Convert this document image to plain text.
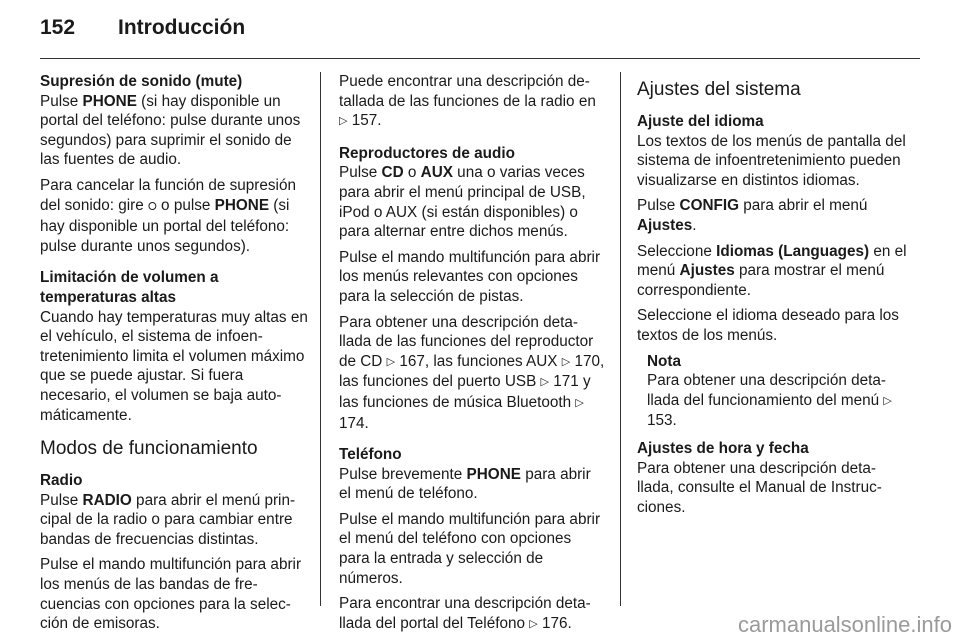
152 Introducción

Supresión de sonido (mute)

Pulse PHONE (si hay disponible un portal del teléfono: pulse durante unos segundos) para suprimir el sonido de las fuentes de audio.

Para cancelar la función de supresión del sonido: gire ⭘ o pulse PHONE (si hay disponible un portal del teléfono: pulse durante unos segundos).

Limitación de volumen a
temperaturas altas

Cuando hay temperaturas muy altas en el vehículo, el sistema de infoentretenimiento limita el volumen máximo que se puede ajustar. Si fuera necesario, el volumen se baja automáticamente.

Modos de funcionamiento

Radio

Pulse RADIO para abrir el menú principal de la radio o para cambiar entre bandas de frecuencias distintas.

Pulse el mando multifunción para abrir los menús de las bandas de frecuencias con opciones para la selección de emisoras.

Puede encontrar una descripción detallada de las funciones de la radio en ▷ 157.

Reproductores de audio

Pulse CD o AUX una o varias veces para abrir el menú principal de USB, iPod o AUX (si están disponibles) o para alternar entre dichos menús.

Pulse el mando multifunción para abrir los menús relevantes con opciones para la selección de pistas.

Para obtener una descripción detallada de las funciones del reproductor de CD ▷ 167, las funciones AUX ▷ 170, las funciones del puerto USB ▷ 171 y las funciones de música Bluetooth ▷ 174.

Teléfono

Pulse brevemente PHONE para abrir el menú de teléfono.

Pulse el mando multifunción para abrir el menú del teléfono con opciones para la entrada y selección de números.

Para encontrar una descripción detallada del portal del Teléfono ▷ 176.

Ajustes del sistema

Ajuste del idioma

Los textos de los menús de pantalla del sistema de infoentretenimiento pueden visualizarse en distintos idiomas.

Pulse CONFIG para abrir el menú Ajustes.

Seleccione Idiomas (Languages) en el menú Ajustes para mostrar el menú correspondiente.

Seleccione el idioma deseado para los textos de los menús.

Nota

Para obtener una descripción detallada del funcionamiento del menú ▷ 153.

Ajustes de hora y fecha

Para obtener una descripción detallada, consulte el Manual de Instrucciones.

carmanualsonline.info
